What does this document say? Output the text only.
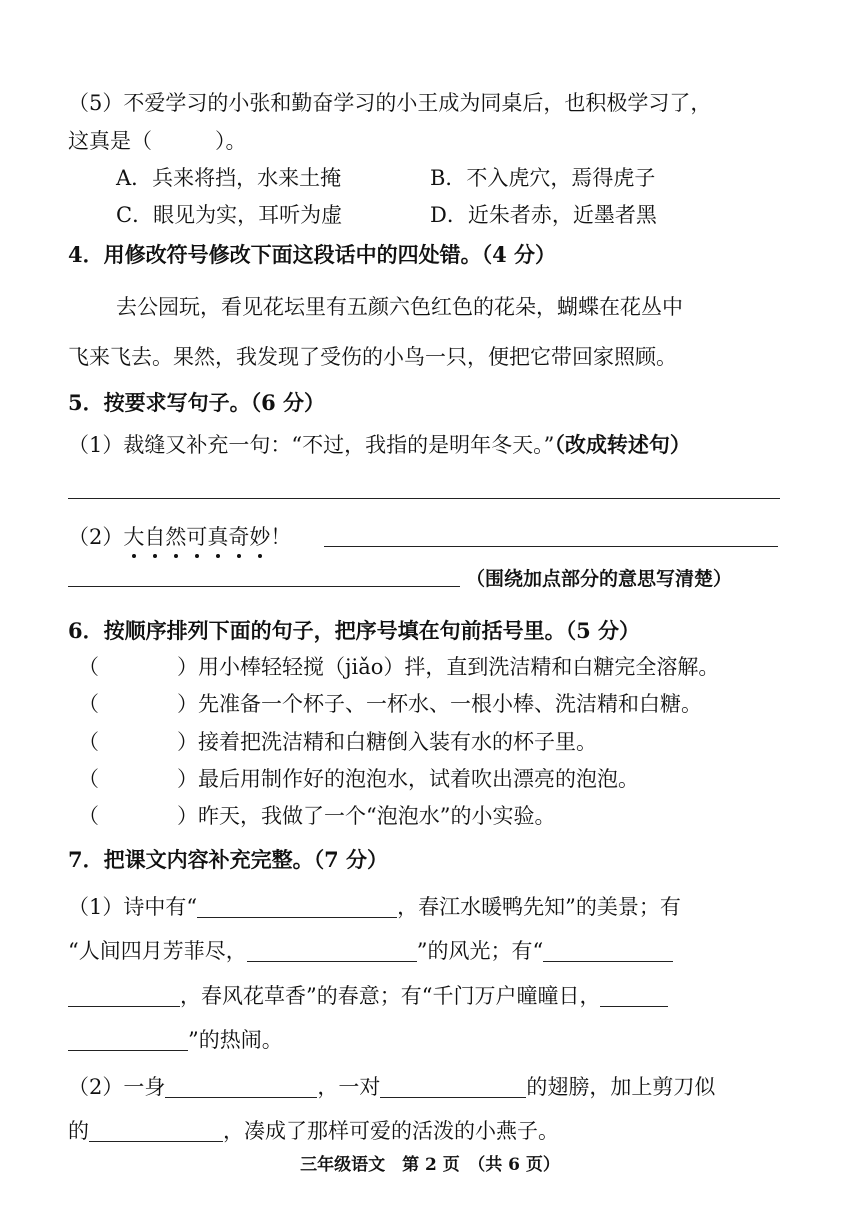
（5）不爱学习的小张和勤奋学习的小王成为同桌后，也积极学习了，
这真是（　　　）。
A．兵来将挡，水来土掩	B．不入虎穴，焉得虎子
C．眼见为实，耳听为虚	D．近朱者赤，近墨者黑
4．用修改符号修改下面这段话中的四处错。（4 分）
去公园玩，看见花坛里有五颜六色红色的花朵，蝴蝶在花丛中
飞来飞去。果然，我发现了受伤的小鸟一只，便把它带回家照顾。
5．按要求写句子。（6 分）
（1）裁缝又补充一句：“不过，我指的是明年冬天。”（改成转述句）
（2）大自然可真奇妙！
（围绕加点部分的意思写清楚）
6．按顺序排列下面的句子，把序号填在句前括号里。（5 分）
（	）用小棒轻轻搅（jiǎo）拌，直到洗洁精和白糖完全溶解。
（	）先准备一个杯子、一杯水、一根小棒、洗洁精和白糖。
（	）接着把洗洁精和白糖倒入装有水的杯子里。
（	）最后用制作好的泡泡水，试着吹出漂亮的泡泡。
（	）昨天，我做了一个“泡泡水”的小实验。
7．把课文内容补充完整。（7 分）
（1）诗中有“	，春江水暖鸭先知”的美景；有
“人间四月芳菲尽，	”的风光；有“
，春风花草香”的春意；有“千门万户曈曈日，
”的热闹。
（2）一身	，一对	的翅膀，加上剪刀似
的	，凑成了那样可爱的活泼的小燕子。
三年级语文　第 2 页　（共 6 页）
